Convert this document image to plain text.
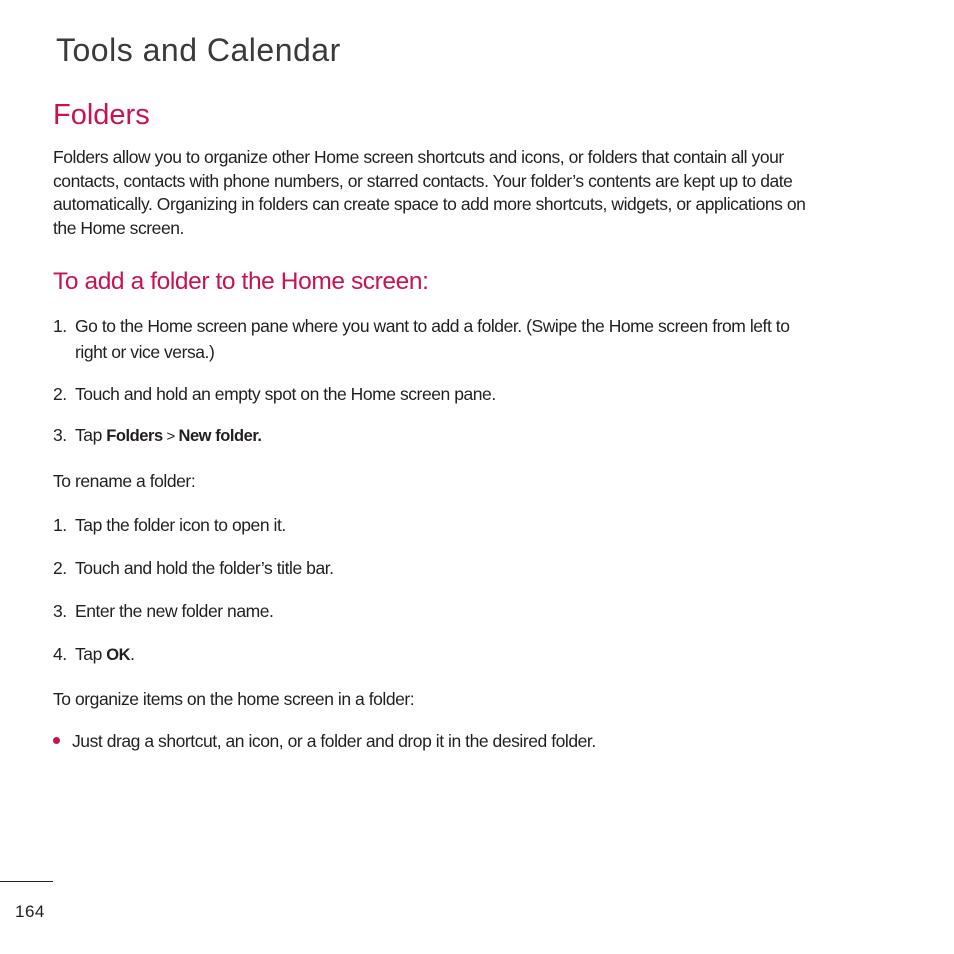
Tools and Calendar
Folders

Folders allow you to organize other Home screen shortcuts and icons, or folders that contain all your
contacts, contacts with phone numbers, or starred contacts. Your folder’s contents are kept up to date
automatically. Organizing in folders can create space to add more shortcuts, widgets, or applications on
the Home screen.

To add a folder to the Home screen:
1. Go to the Home screen pane where you want to add a folder. (Swipe the Home screen from left to
right or vice versa.)
2. Touch and hold an empty spot on the Home screen pane.
3. Tap Folders > New folder.
To rename a folder:
1. Tap the folder icon to open it.
2. Touch and hold the folder’s title bar.
3. Enter the new folder name.
4. Tap OK.
To organize items on the home screen in a folder:
Just drag a shortcut, an icon, or a folder and drop it in the desired folder.
164
